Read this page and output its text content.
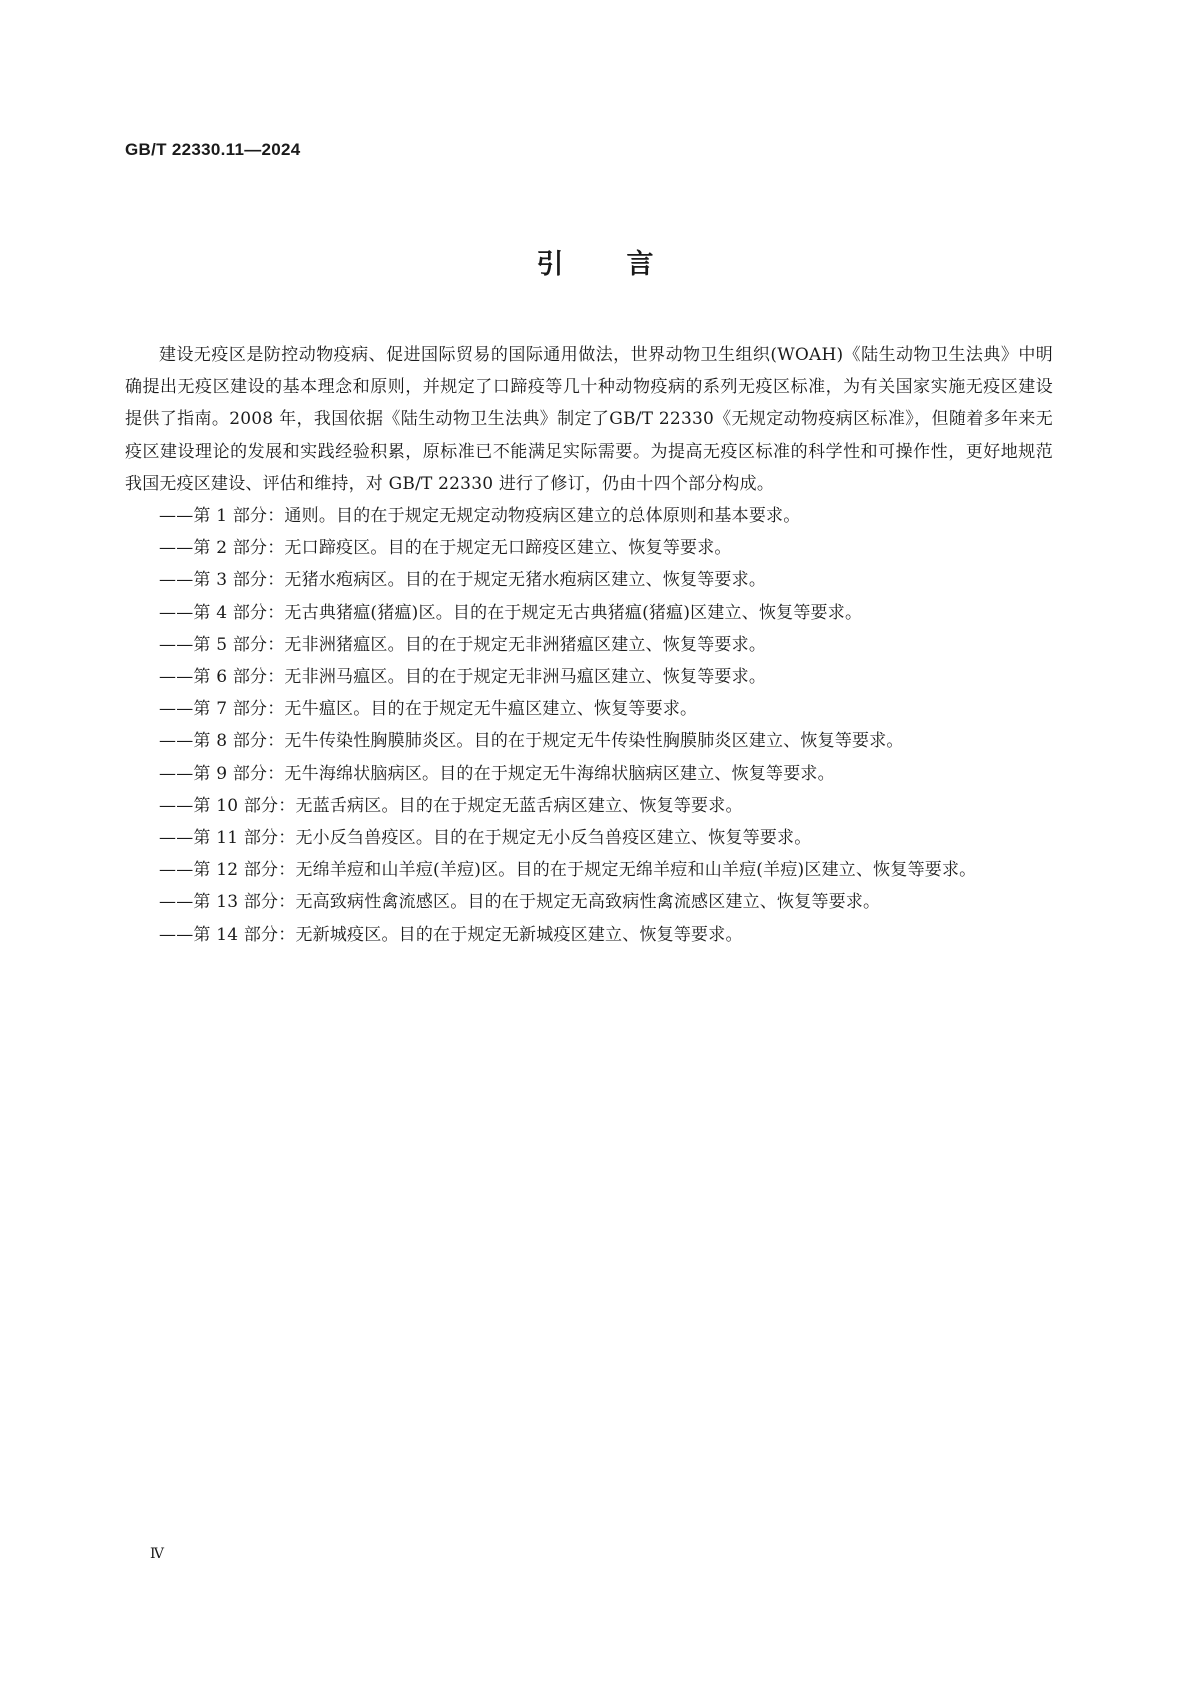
GB/T 22330.11—2024
引 言

建设无疫区是防控动物疫病、促进国际贸易的国际通用做法，世界动物卫生组织(WOAH)《陆生动物卫生法典》中明确提出无疫区建设的基本理念和原则，并规定了口蹄疫等几十种动物疫病的系列无疫区标准，为有关国家实施无疫区建设提供了指南。2008 年，我国依据《陆生动物卫生法典》制定了GB/T 22330《无规定动物疫病区标准》，但随着多年来无疫区建设理论的发展和实践经验积累，原标准已不能满足实际需要。为提高无疫区标准的科学性和可操作性，更好地规范我国无疫区建设、评估和维持，对 GB/T 22330 进行了修订，仍由十四个部分构成。

——第 1 部分：通则。目的在于规定无规定动物疫病区建立的总体原则和基本要求。
——第 2 部分：无口蹄疫区。目的在于规定无口蹄疫区建立、恢复等要求。
——第 3 部分：无猪水疱病区。目的在于规定无猪水疱病区建立、恢复等要求。
——第 4 部分：无古典猪瘟(猪瘟)区。目的在于规定无古典猪瘟(猪瘟)区建立、恢复等要求。
——第 5 部分：无非洲猪瘟区。目的在于规定无非洲猪瘟区建立、恢复等要求。
——第 6 部分：无非洲马瘟区。目的在于规定无非洲马瘟区建立、恢复等要求。
——第 7 部分：无牛瘟区。目的在于规定无牛瘟区建立、恢复等要求。
——第 8 部分：无牛传染性胸膜肺炎区。目的在于规定无牛传染性胸膜肺炎区建立、恢复等要求。
——第 9 部分：无牛海绵状脑病区。目的在于规定无牛海绵状脑病区建立、恢复等要求。
——第 10 部分：无蓝舌病区。目的在于规定无蓝舌病区建立、恢复等要求。
——第 11 部分：无小反刍兽疫区。目的在于规定无小反刍兽疫区建立、恢复等要求。
——第 12 部分：无绵羊痘和山羊痘(羊痘)区。目的在于规定无绵羊痘和山羊痘(羊痘)区建立、恢复等要求。
——第 13 部分：无高致病性禽流感区。目的在于规定无高致病性禽流感区建立、恢复等要求。
——第 14 部分：无新城疫区。目的在于规定无新城疫区建立、恢复等要求。
Ⅳ
